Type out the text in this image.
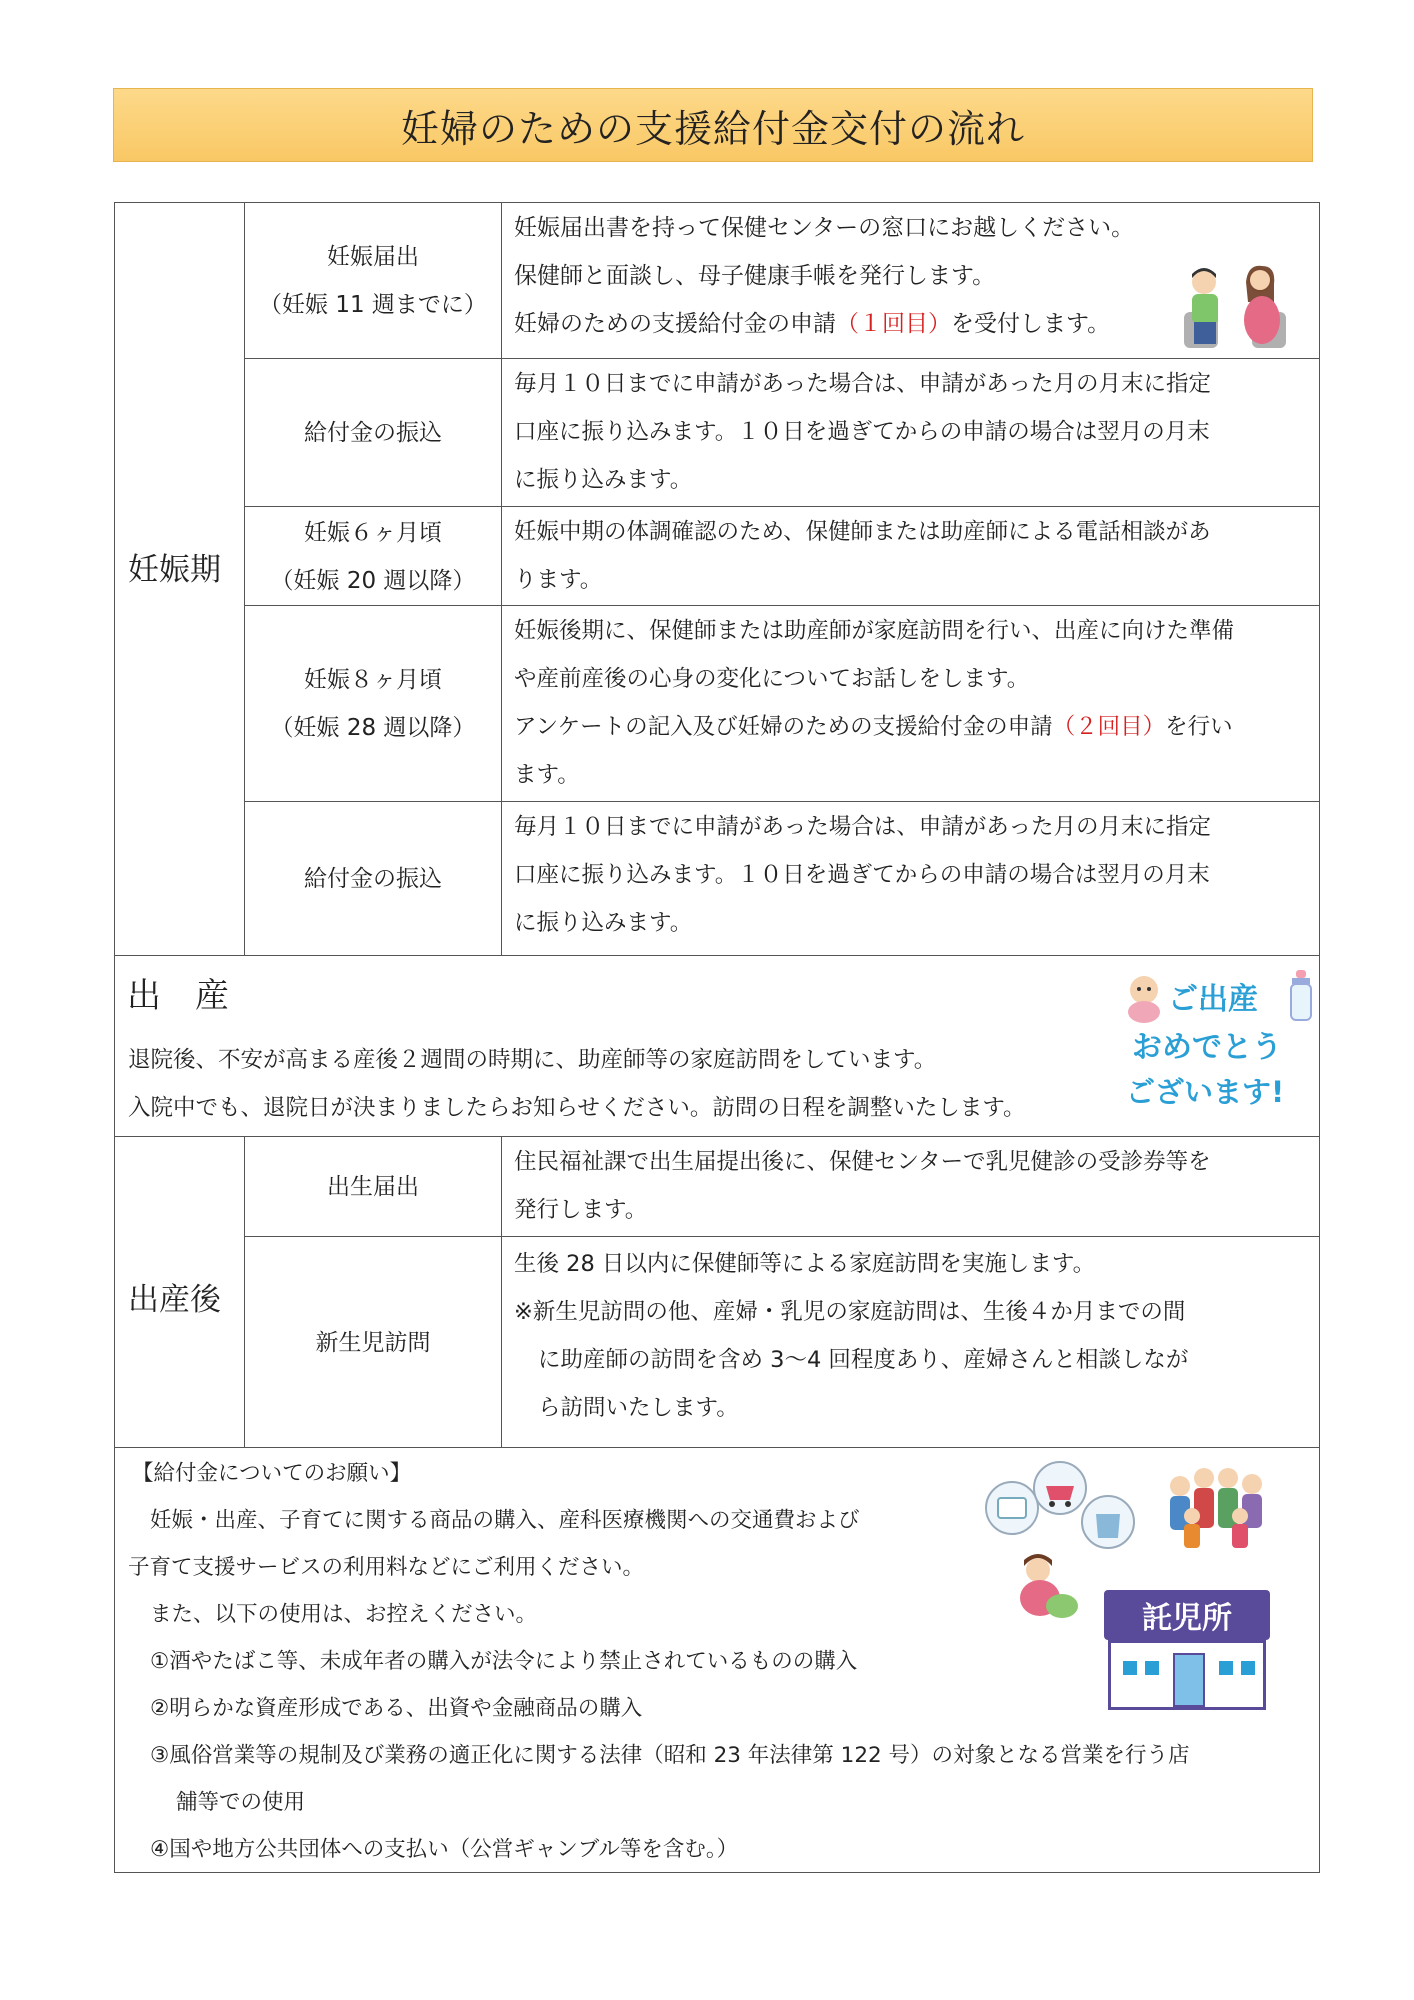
妊婦のための支援給付金交付の流れ
妊娠期
妊娠届出
（妊娠 11 週までに）
妊娠届出書を持って保健センターの窓口にお越しください。
保健師と面談し、母子健康手帳を発行します。
妊婦のための支援給付金の申請（１回目）を受付します。
給付金の振込
毎月１０日までに申請があった場合は、申請があった月の月末に指定
口座に振り込みます。１０日を過ぎてからの申請の場合は翌月の月末
に振り込みます。
妊娠６ヶ月頃
（妊娠 20 週以降）
妊娠中期の体調確認のため、保健師または助産師による電話相談があ
ります。
妊娠８ヶ月頃
（妊娠 28 週以降）
妊娠後期に、保健師または助産師が家庭訪問を行い、出産に向けた準備
や産前産後の心身の変化についてお話しをします。
アンケートの記入及び妊婦のための支援給付金の申請（２回目）を行い
ます。
給付金の振込
毎月１０日までに申請があった場合は、申請があった月の月末に指定
口座に振り込みます。１０日を過ぎてからの申請の場合は翌月の月末
に振り込みます。
出　産
退院後、不安が高まる産後２週間の時期に、助産師等の家庭訪問をしています。
入院中でも、退院日が決まりましたらお知らせください。訪問の日程を調整いたします。
ご出産
おめでとう
ございます!
出産後
出生届出
住民福祉課で出生届提出後に、保健センターで乳児健診の受診券等を
発行します。
新生児訪問
生後 28 日以内に保健師等による家庭訪問を実施します。
※新生児訪問の他、産婦・乳児の家庭訪問は、生後４か月までの間
に助産師の訪問を含め 3～4 回程度あり、産婦さんと相談しなが
ら訪問いたします。
【給付金についてのお願い】
妊娠・出産、子育てに関する商品の購入、産科医療機関への交通費および
子育て支援サービスの利用料などにご利用ください。
また、以下の使用は、お控えください。
①酒やたばこ等、未成年者の購入が法令により禁止されているものの購入
②明らかな資産形成である、出資や金融商品の購入
③風俗営業等の規制及び業務の適正化に関する法律（昭和 23 年法律第 122 号）の対象となる営業を行う店
舗等での使用
④国や地方公共団体への支払い（公営ギャンブル等を含む。）
託児所
